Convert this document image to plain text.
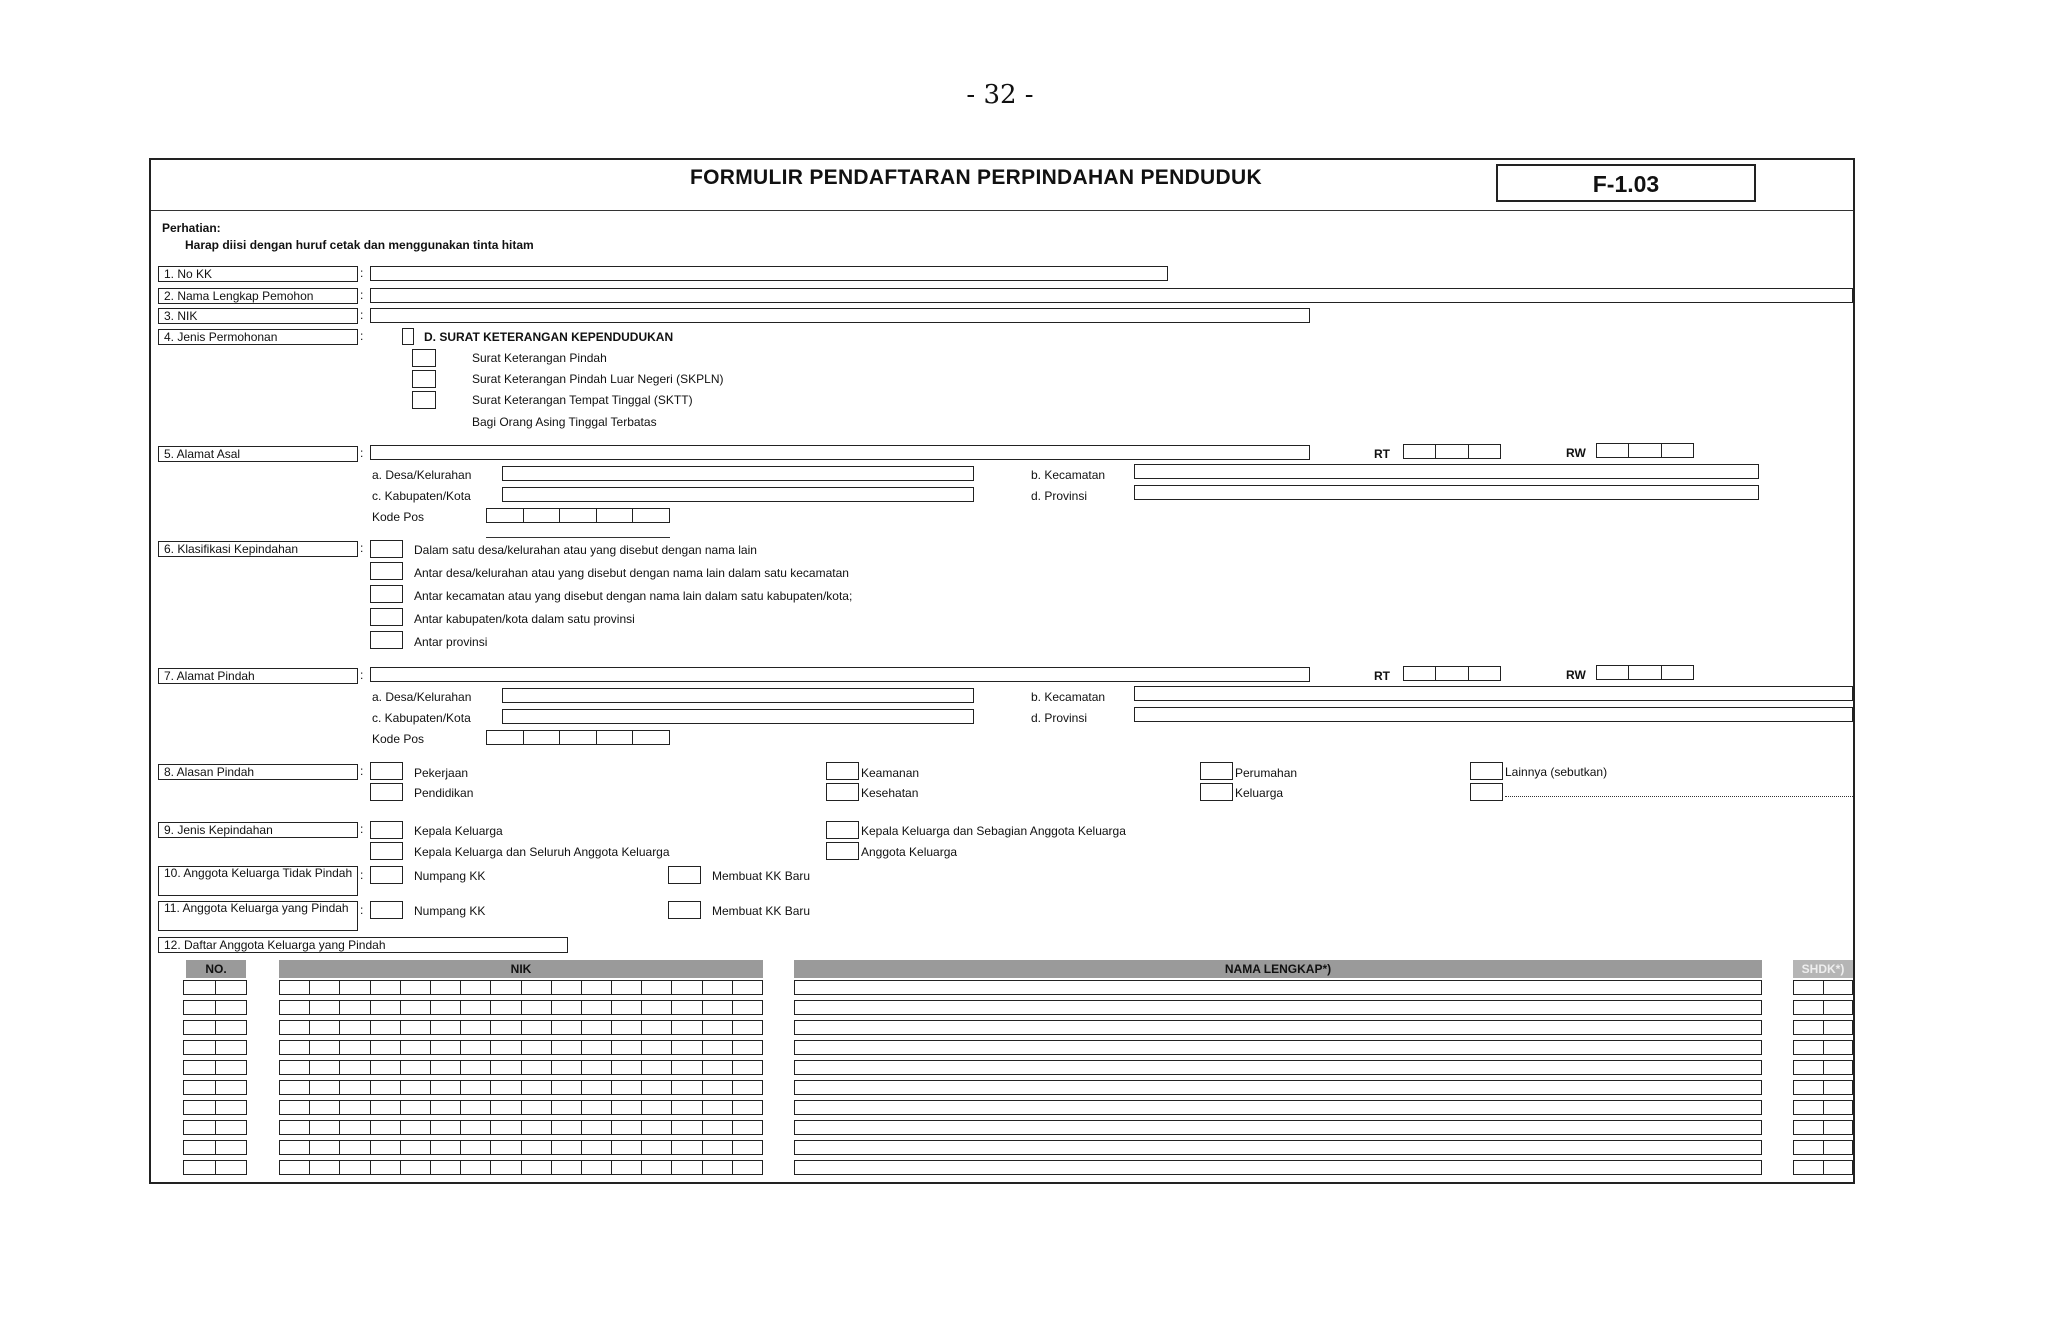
- 32 -
FORMULIR PENDAFTARAN PERPINDAHAN PENDUDUK	F-1.03
Perhatian:
Harap diisi dengan huruf cetak dan menggunakan tinta hitam
1. No KK	:
2. Nama Lengkap Pemohon	:
3. NIK	:
4. Jenis Permohonan	:	D. SURAT KETERANGAN KEPENDUDUKAN
Surat Keterangan Pindah
Surat Keterangan Pindah Luar Negeri (SKPLN)
Surat Keterangan Tempat Tinggal (SKTT)
Bagi Orang Asing Tinggal Terbatas
5. Alamat Asal	:	RT	RW
a. Desa/Kelurahan	b. Kecamatan
c. Kabupaten/Kota	d. Provinsi
Kode Pos
6. Klasifikasi Kepindahan	:	Dalam satu desa/kelurahan atau yang disebut dengan nama lain
Antar desa/kelurahan atau yang disebut dengan nama lain dalam satu kecamatan
Antar kecamatan atau yang disebut dengan nama lain dalam satu kabupaten/kota;
Antar kabupaten/kota dalam satu provinsi
Antar provinsi
7. Alamat Pindah	:	RT	RW
a. Desa/Kelurahan	b. Kecamatan
c. Kabupaten/Kota	d. Provinsi
Kode Pos
8. Alasan Pindah	:	Pekerjaan
Pendidikan
Keamanan
Kesehatan
Perumahan
Keluarga
Lainnya (sebutkan)
9. Jenis Kepindahan	:	Kepala Keluarga
Kepala Keluarga dan Seluruh Anggota Keluarga
Kepala Keluarga dan Sebagian Anggota Keluarga
Anggota Keluarga
10. Anggota Keluarga Tidak Pindah :	Numpang KK	Membuat KK Baru
11. Anggota Keluarga yang Pindah :	Numpang KK	Membuat KK Baru
12. Daftar Anggota Keluarga yang Pindah
NO.	NIK	NAMA LENGKAP*)	SHDK*)
